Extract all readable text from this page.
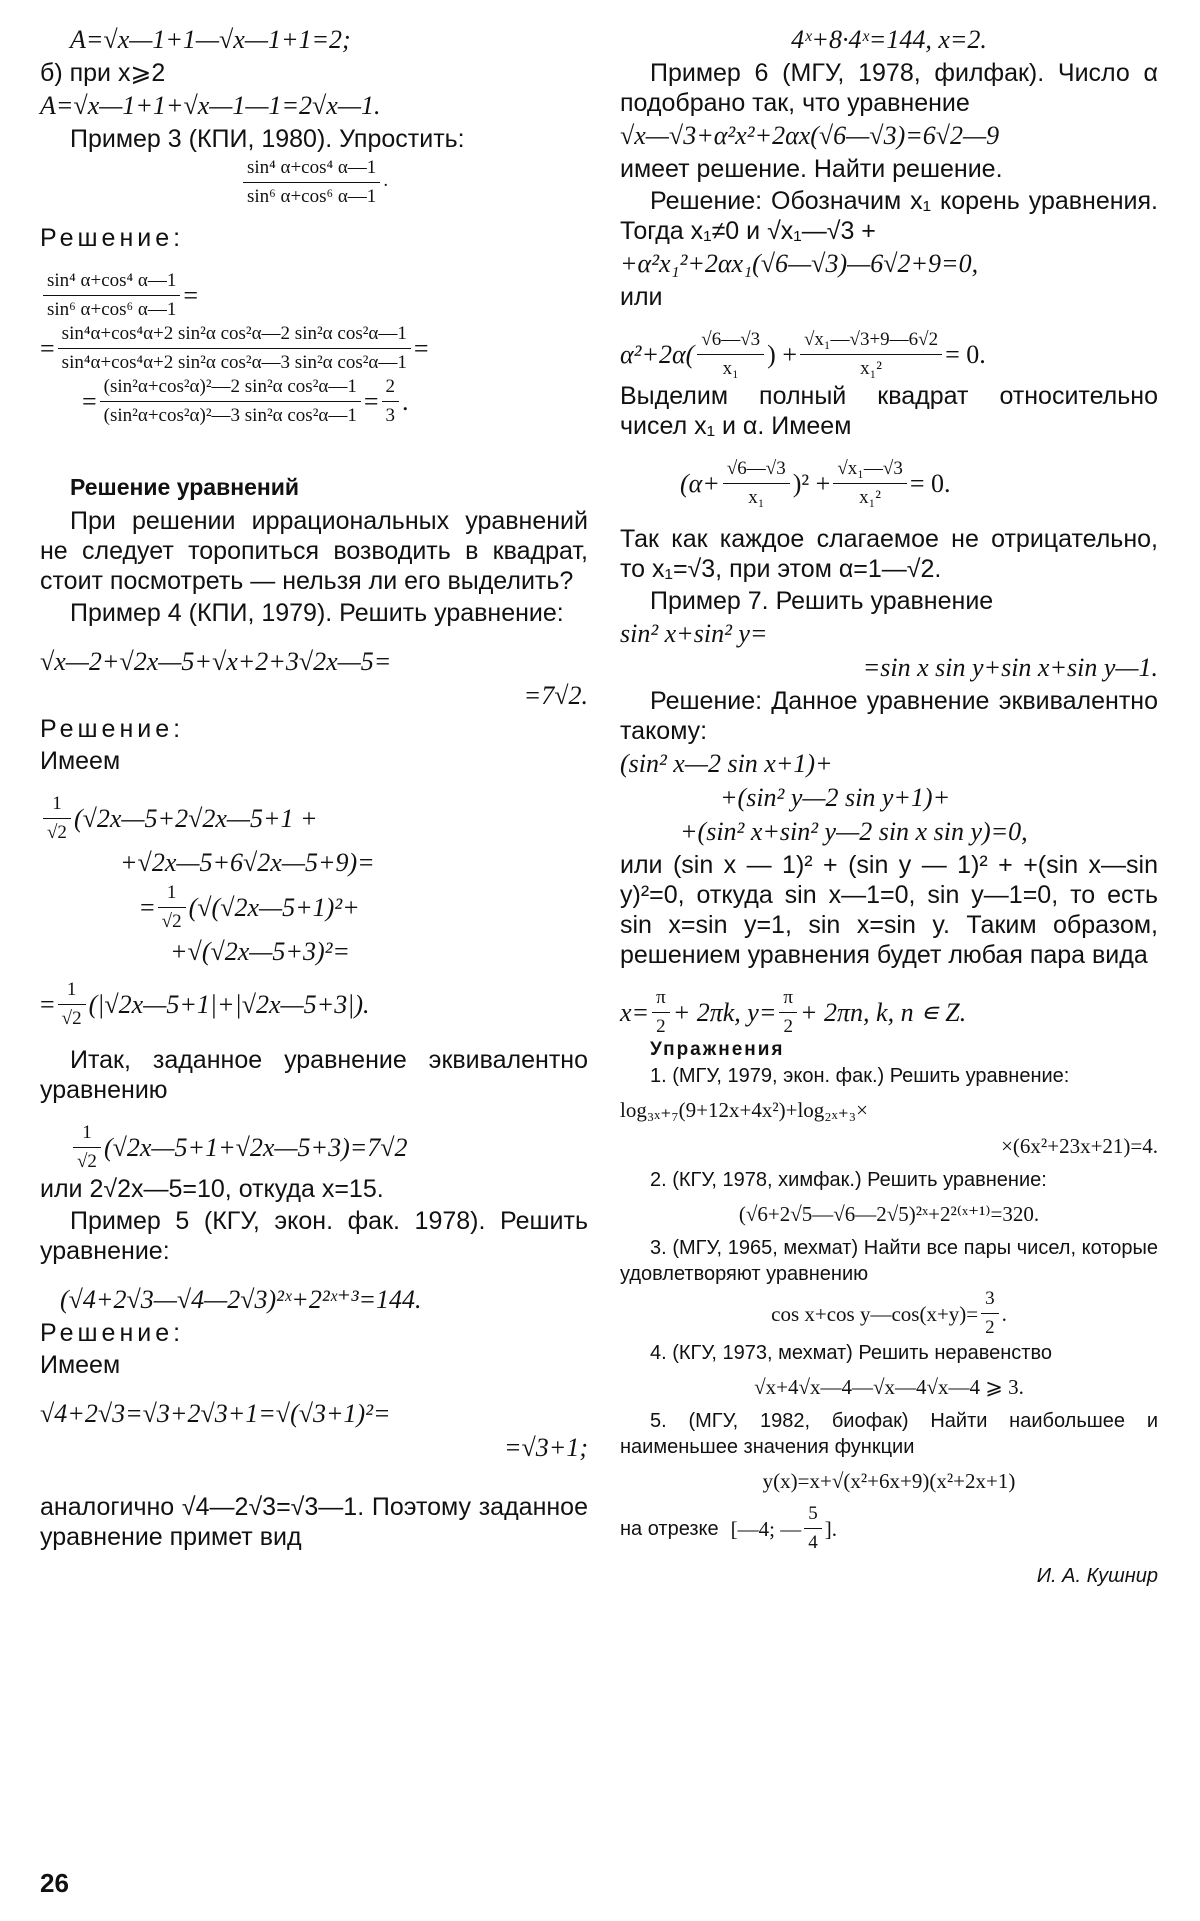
A=√x—1+1—√x—1+1=2;
б) при x⩾2
A=√x—1+1+√x—1—1=2√x—1.
Пример 3 (КПИ, 1980). Упростить:
$\frac{\text{sin⁴ α+cos⁴ α—1}}{\text{sin⁶ α+cos⁶ α—1}}$ .
Решение:
$\frac{\text{sin⁴ α+cos⁴ α—1}}{\text{sin⁶ α+cos⁶ α—1}}$ =
= $\frac{\text{sin⁴α+cos⁴α+2 sin²α cos²α—2 sin²α cos²α—1}}{\text{sin⁴α+cos⁴α+2 sin²α cos²α—3 sin²α cos²α—1}}$ =
= $\frac{\text{(sin²α+cos²α)²—2 sin²α cos²α—1}}{\text{(sin²α+cos²α)²—3 sin²α cos²α—1}} = \frac{2}{3}$ .
Решение уравнений
При решении иррациональных уравнений не следует торопиться возводить в квадрат, стоит посмотреть — нельзя ли его выделить?
Пример 4 (КПИ, 1979). Решить уравнение:
√x—2+√2x—5+√x+2+3√2x—5=
=7√2.
Решение:
Имеем
$\frac{1}{√2}$ (√2x—5+2√2x—5+1 +
+√2x—5+6√2x—5+9)=
= $\frac{1}{√2}$ (√(√2x—5+1)²+
+√(√2x—5+3)²=
= $\frac{1}{√2}$ (|√2x—5+1|+|√2x—5+3|).
Итак, заданное уравнение эквивалентно уравнению
$\frac{1}{√2}$ (√2x—5+1+√2x—5+3)=7√2
или 2√2x—5=10, откуда x=15.
Пример 5 (КГУ, экон. фак. 1978). Решить уравнение:
(√4+2√3—√4—2√3)²ˣ+2²ˣ⁺³=144.
Решение:
Имеем
√4+2√3=√3+2√3+1=√(√3+1)²=
=√3+1;
аналогично √4—2√3=√3—1. Поэтому заданное уравнение примет вид
4ˣ+8·4ˣ=144, x=2.
Пример 6 (МГУ, 1978, филфак). Число α подобрано так, что уравнение
√x—√3+α²x²+2αx(√6—√3)=6√2—9
имеет решение. Найти решение.
Решение: Обозначим x₁ корень уравнения. Тогда x₁≠0 и √x₁—√3 +
+α²x₁²+2αx₁(√6—√3)—6√2+9=0,
или
$\alpha^2+2\alpha( \frac{√6—√3}{\text{x₁}}$ ) + $\frac{\text{√x₁—√3+9—6√2}}{\text{x₁²}} = 0$.
Выделим полный квадрат относительно чисел x₁ и α. Имеем
$(\alpha+ \frac{√6—√3}{\text{x₁}} )^2 + \frac{\text{√x₁—√3}}{\text{x₁²}} = 0$.
Так как каждое слагаемое не отрицательно, то x₁=√3, при этом α=1—√2.
Пример 7. Решить уравнение
sin² x+sin² y=
=sin x sin y+sin x+sin y—1.
Решение: Данное уравнение эквивалентно такому:
(sin² x—2 sin x+1)+
+(sin² y—2 sin y+1)+
+(sin² x+sin² y—2 sin x sin y)=0,
или (sin x — 1)² + (sin y — 1)² + +(sin x—sin y)²=0, откуда sin x—1=0, sin y—1=0, то есть sin x=sin y=1, sin x=sin y. Таким образом, решением уравнения будет любая пара вида
$x= \frac{\pi}{2} + 2\pi k$, $y= \frac{\pi}{2} + 2\pi n$, k, n ∊ Z.
Упражнения
1. (МГУ, 1979, экон. фак.) Решить уравнение:
log₃ₓ₊₇(9+12x+4x²)+log₂ₓ₊₃×
×(6x²+23x+21)=4.
2. (КГУ, 1978, химфак.) Решить уравнение:
(√6+2√5—√6—2√5)²ˣ+2²⁽ˣ⁺¹⁾=320.
3. (МГУ, 1965, мехмат) Найти все пары чисел, которые удовлетворяют уравнению
cos x+cos y—cos(x+y)= $\frac{3}{2}$ .
4. (КГУ, 1973, мехмат) Решить неравенство
√x+4√x—4—√x—4√x—4 ⩾ 3.
5. (МГУ, 1982, биофак) Найти наибольшее и наименьшее значения функции
y(x)=x+√(x²+6x+9)(x²+2x+1)
на отрезке [—4; — $\frac{5}{4}$ ].
И. А. Кушнир
26
